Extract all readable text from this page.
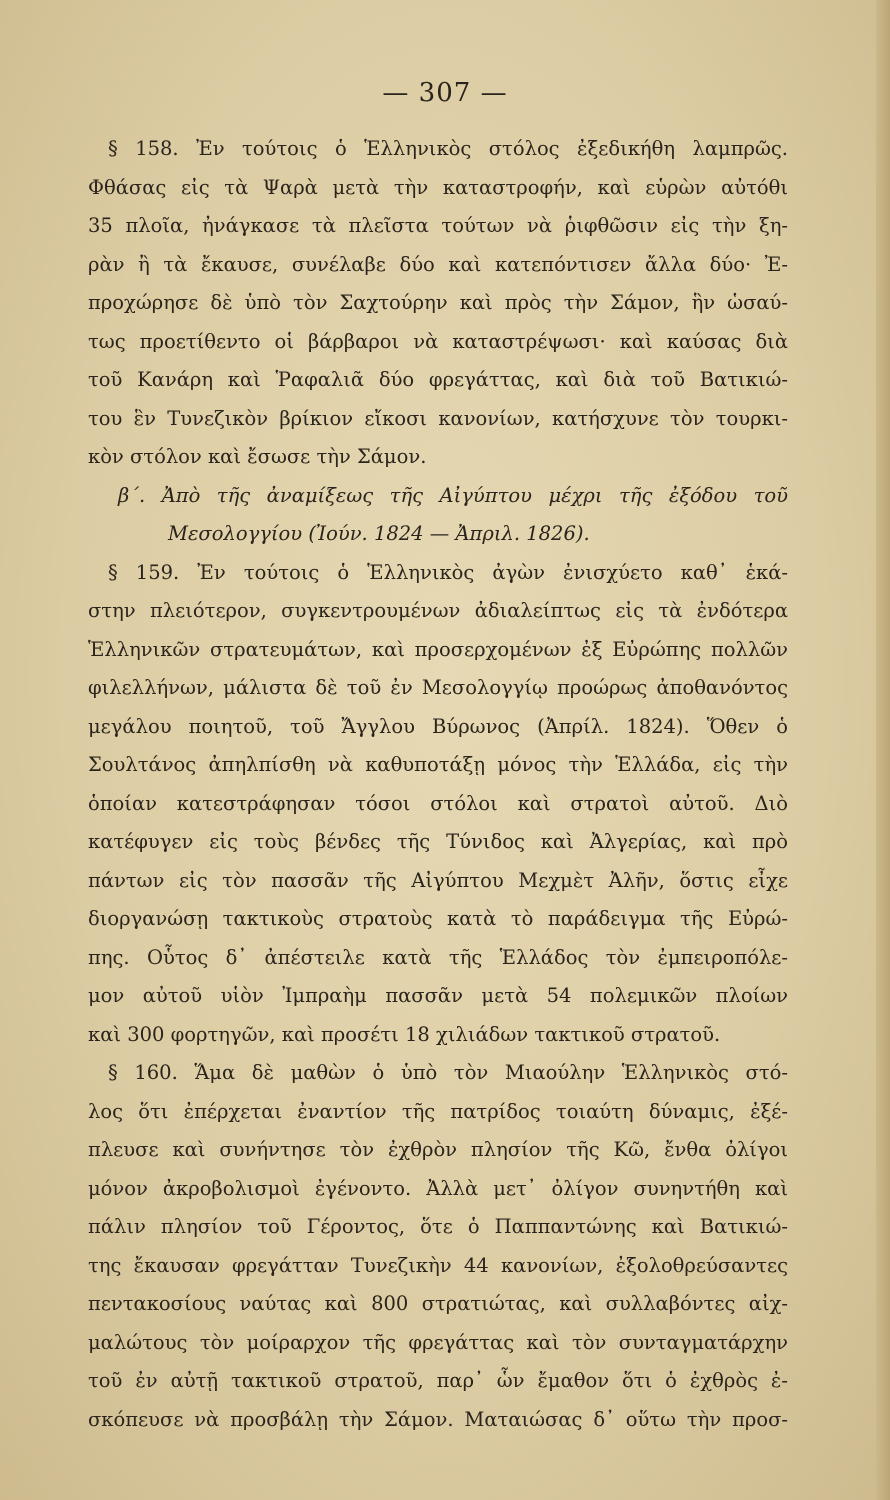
— 307 —
§ 158. Ἐν τούτοις ὁ Ἑλληνικὸς στόλος ἐξεδικήθη λαμπρῶς.
Φθάσας εἰς τὰ Ψαρὰ μετὰ τὴν καταστροφήν, καὶ εὑρὼν αὐτόθι
35 πλοῖα, ἠνάγκασε τὰ πλεῖστα τούτων νὰ ῥιφθῶσιν εἰς τὴν ξη-
ρὰν ἢ τὰ ἔκαυσε, συνέλαβε δύο καὶ κατεπόντισεν ἄλλα δύο· Ἐ-
προχώρησε δὲ ὑπὸ τὸν Σαχτούρην καὶ πρὸς τὴν Σάμον, ἣν ὡσαύ-
τως προετίθεντο οἱ βάρβαροι νὰ καταστρέψωσι· καὶ καύσας διὰ
τοῦ Κανάρη καὶ Ῥαφαλιᾶ δύο φρεγάττας, καὶ διὰ τοῦ Βατικιώ-
του ἓν Τυνεζικὸν βρίκιον εἴκοσι κανονίων, κατήσχυνε τὸν τουρκι-
κὸν στόλον καὶ ἔσωσε τὴν Σάμον.
β΄. Ἀπὸ τῆς ἀναμίξεως τῆς Αἰγύπτου μέχρι τῆς ἐξόδου τοῦ
Μεσολογγίου (Ἰούν. 1824 — Ἀπριλ. 1826).
§ 159. Ἐν τούτοις ὁ Ἑλληνικὸς ἀγὼν ἐνισχύετο καθ᾿ ἑκά-
στην πλειότερον, συγκεντρουμένων ἀδιαλείπτως εἰς τὰ ἐνδότερα
Ἑλληνικῶν στρατευμάτων, καὶ προσερχομένων ἐξ Εὐρώπης πολλῶν
φιλελλήνων, μάλιστα δὲ τοῦ ἐν Μεσολογγίῳ προώρως ἀποθανόντος
μεγάλου ποιητοῦ, τοῦ Ἄγγλου Βύρωνος (Ἀπρίλ. 1824). Ὅθεν ὁ
Σουλτάνος ἀπηλπίσθη νὰ καθυποτάξῃ μόνος τὴν Ἑλλάδα, εἰς τὴν
ὁποίαν κατεστράφησαν τόσοι στόλοι καὶ στρατοὶ αὐτοῦ. Διὸ
κατέφυγεν εἰς τοὺς βένδες τῆς Τύνιδος καὶ Ἀλγερίας, καὶ πρὸ
πάντων εἰς τὸν πασσᾶν τῆς Αἰγύπτου Μεχμὲτ Ἀλῆν, ὅστις εἶχε
διοργανώσῃ τακτικοὺς στρατοὺς κατὰ τὸ παράδειγμα τῆς Εὐρώ-
πης. Οὗτος δ᾿ ἀπέστειλε κατὰ τῆς Ἑλλάδος τὸν ἐμπειροπόλε-
μον αὐτοῦ υἱὸν Ἰμπραὴμ πασσᾶν μετὰ 54 πολεμικῶν πλοίων
καὶ 300 φορτηγῶν, καὶ προσέτι 18 χιλιάδων τακτικοῦ στρατοῦ.
§ 160. Ἅμα δὲ μαθὼν ὁ ὑπὸ τὸν Μιαούλην Ἑλληνικὸς στό-
λος ὅτι ἐπέρχεται ἐναντίον τῆς πατρίδος τοιαύτη δύναμις, ἐξέ-
πλευσε καὶ συνήντησε τὸν ἐχθρὸν πλησίον τῆς Κῶ, ἔνθα ὀλίγοι
μόνον ἀκροβολισμοὶ ἐγένοντο. Ἀλλὰ μετ᾿ ὀλίγον συνηντήθη καὶ
πάλιν πλησίον τοῦ Γέροντος, ὅτε ὁ Παππαντώνης καὶ Βατικιώ-
της ἔκαυσαν φρεγάτταν Τυνεζικὴν 44 κανονίων, ἐξολοθρεύσαντες
πεντακοσίους ναύτας καὶ 800 στρατιώτας, καὶ συλλαβόντες αἰχ-
μαλώτους τὸν μοίραρχον τῆς φρεγάττας καὶ τὸν συνταγματάρχην
τοῦ ἐν αὐτῇ τακτικοῦ στρατοῦ, παρ᾿ ὧν ἔμαθον ὅτι ὁ ἐχθρὸς ἐ-
σκόπευσε νὰ προσβάλῃ τὴν Σάμον. Ματαιώσας δ᾿ οὕτω τὴν προσ-
